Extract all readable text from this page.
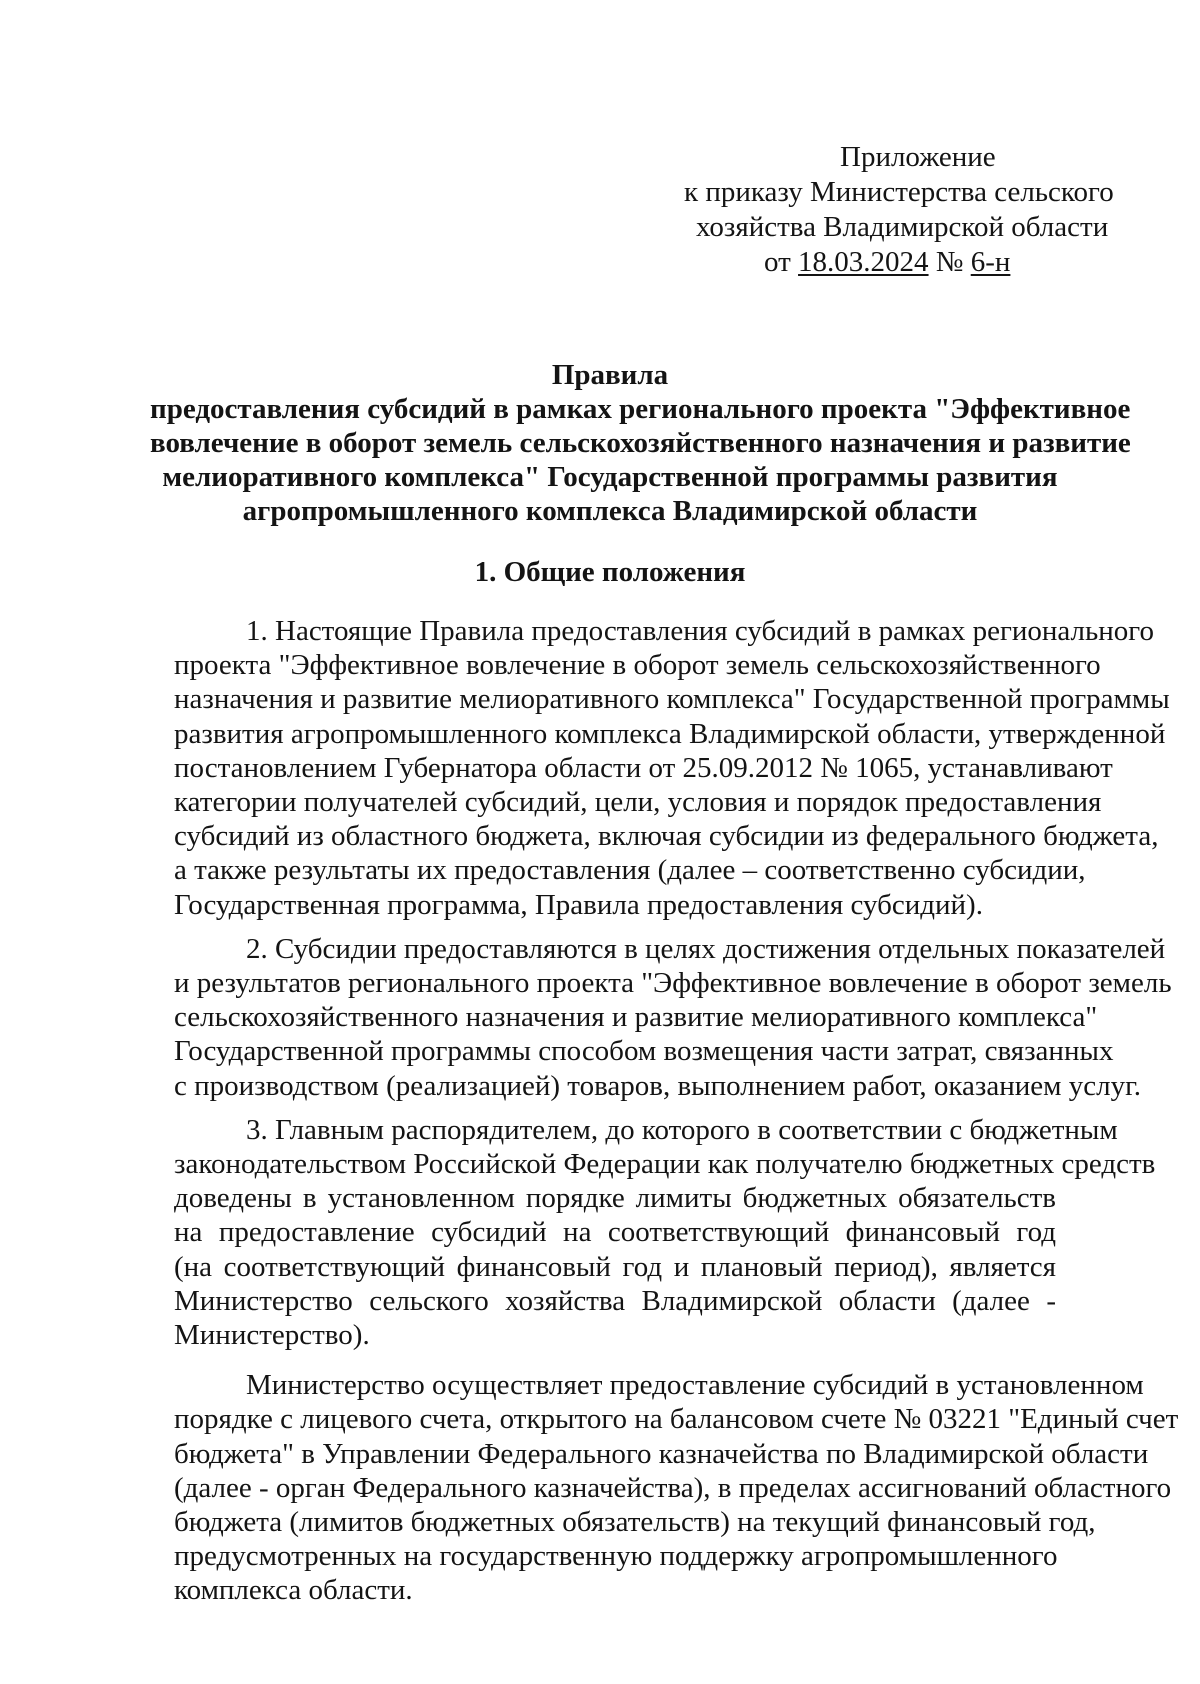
Приложение
к приказу Министерства сельского
хозяйства Владимирской области
от 18.03.2024 № 6-н
Правила
предоставления субсидий в рамках регионального проекта "Эффективное
вовлечение в оборот земель сельскохозяйственного назначения и развитие
мелиоративного комплекса" Государственной программы развития
агропромышленного комплекса Владимирской области
1. Общие положения
1. Настоящие Правила предоставления субсидий в рамках регионального
проекта "Эффективное вовлечение в оборот земель сельскохозяйственного
назначения и развитие мелиоративного комплекса" Государственной программы
развития агропромышленного комплекса Владимирской области, утвержденной
постановлением Губернатора области от 25.09.2012 № 1065, устанавливают
категории получателей субсидий, цели, условия и порядок предоставления
субсидий из областного бюджета, включая субсидии из федерального бюджета,
а также результаты их предоставления (далее – соответственно субсидии,
Государственная программа, Правила предоставления субсидий).
2. Субсидии предоставляются в целях достижения отдельных показателей
и результатов регионального проекта "Эффективное вовлечение в оборот земель
сельскохозяйственного назначения и развитие мелиоративного комплекса"
Государственной программы способом возмещения части затрат, связанных
с производством (реализацией) товаров, выполнением работ, оказанием услуг.
3. Главным распорядителем, до которого в соответствии с бюджетным
законодательством Российской Федерации как получателю бюджетных средств
доведены в установленном порядке лимиты бюджетных обязательств
на предоставление субсидий на соответствующий финансовый год
(на соответствующий финансовый год и плановый период), является
Министерство сельского хозяйства Владимирской области (далее -
Министерство).
Министерство осуществляет предоставление субсидий в установленном
порядке с лицевого счета, открытого на балансовом счете № 03221 "Единый счет
бюджета" в Управлении Федерального казначейства по Владимирской области
(далее - орган Федерального казначейства), в пределах ассигнований областного
бюджета (лимитов бюджетных обязательств) на текущий финансовый год,
предусмотренных на государственную поддержку агропромышленного
комплекса области.
